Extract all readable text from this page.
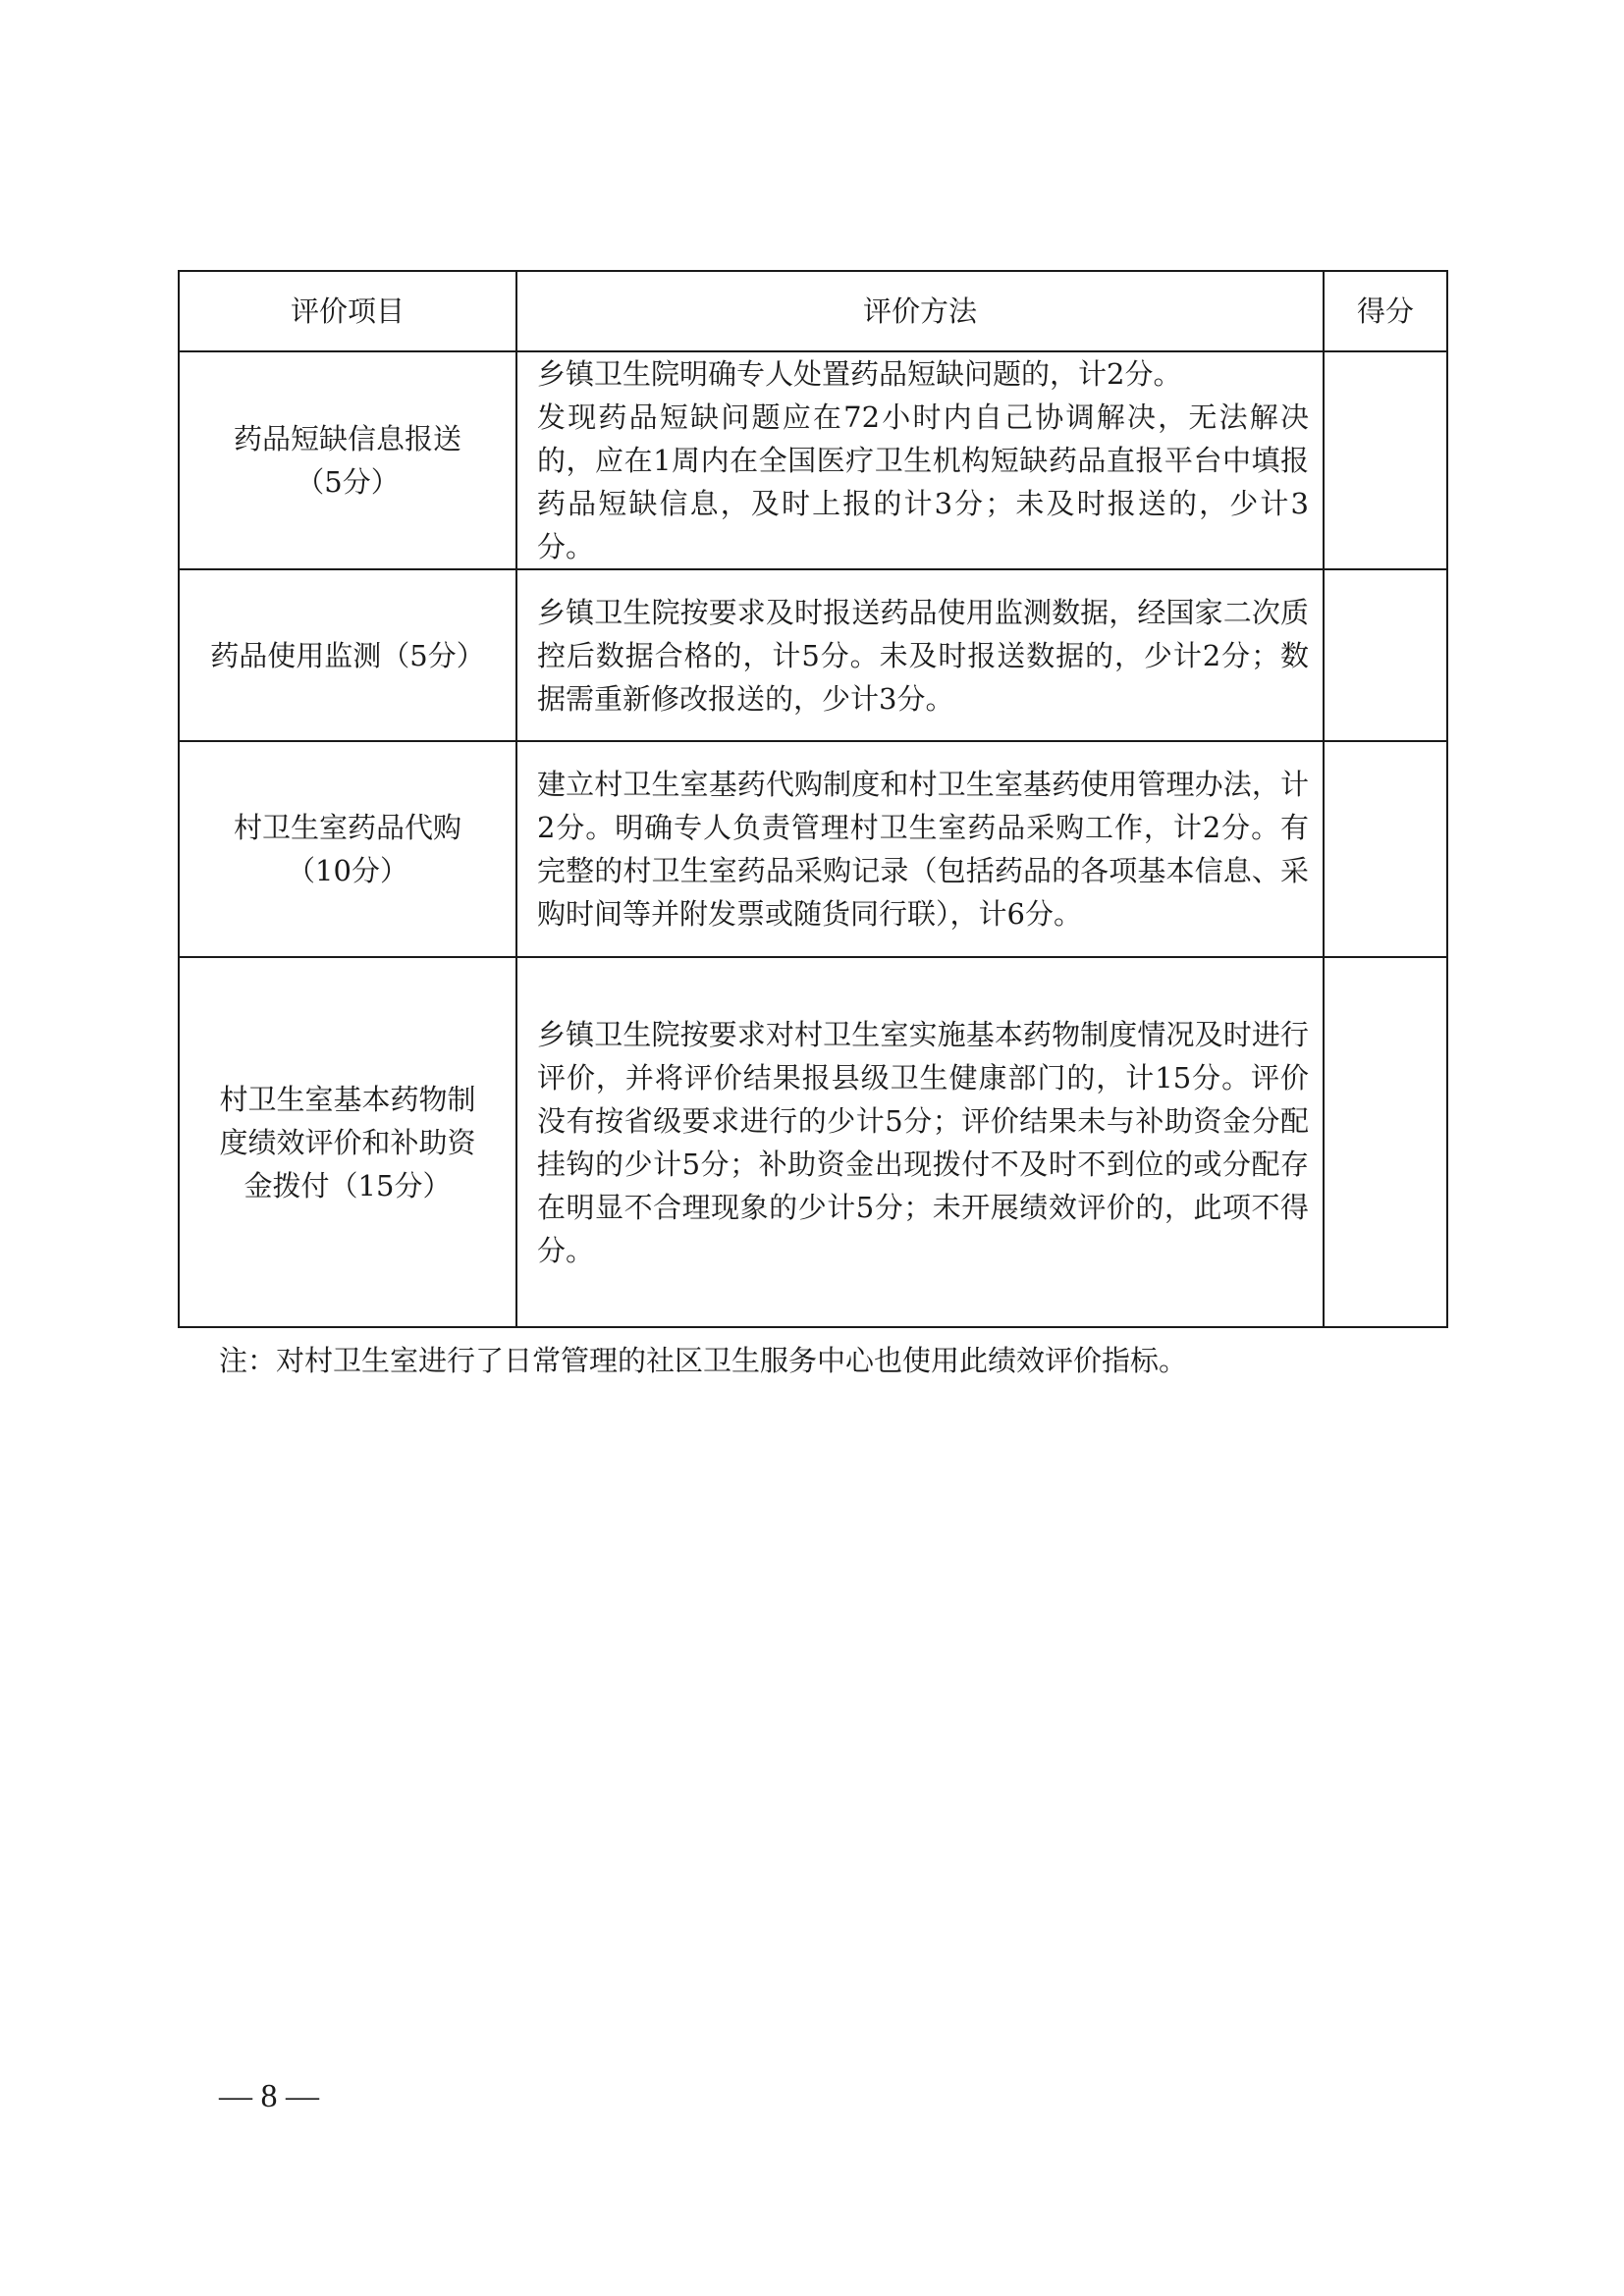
评价项目	评价方法	得分

药品短缺信息报送
（5分）	乡镇卫生院明确专人处置药品短缺问题的，计2分。
发现药品短缺问题应在72小时内自己协调解决，无法解决的，应在1周内在全国医疗卫生机构短缺药品直报平台中填报药品短缺信息，及时上报的计3分；未及时报送的，少计3分。	

药品使用监测（5分）	乡镇卫生院按要求及时报送药品使用监测数据，经国家二次质控后数据合格的，计5分。未及时报送数据的，少计2分；数据需重新修改报送的，少计3分。	

村卫生室药品代购
（10分）	建立村卫生室基药代购制度和村卫生室基药使用管理办法，计2分。明确专人负责管理村卫生室药品采购工作，计2分。有完整的村卫生室药品采购记录（包括药品的各项基本信息、采购时间等并附发票或随货同行联），计6分。	

村卫生室基本药物制
度绩效评价和补助资
金拨付（15分）	乡镇卫生院按要求对村卫生室实施基本药物制度情况及时进行评价，并将评价结果报县级卫生健康部门的，计15分。评价没有按省级要求进行的少计5分；评价结果未与补助资金分配挂钩的少计5分；补助资金出现拨付不及时不到位的或分配存在明显不合理现象的少计5分；未开展绩效评价的，此项不得分。	

注：对村卫生室进行了日常管理的社区卫生服务中心也使用此绩效评价指标。
— 8 —
